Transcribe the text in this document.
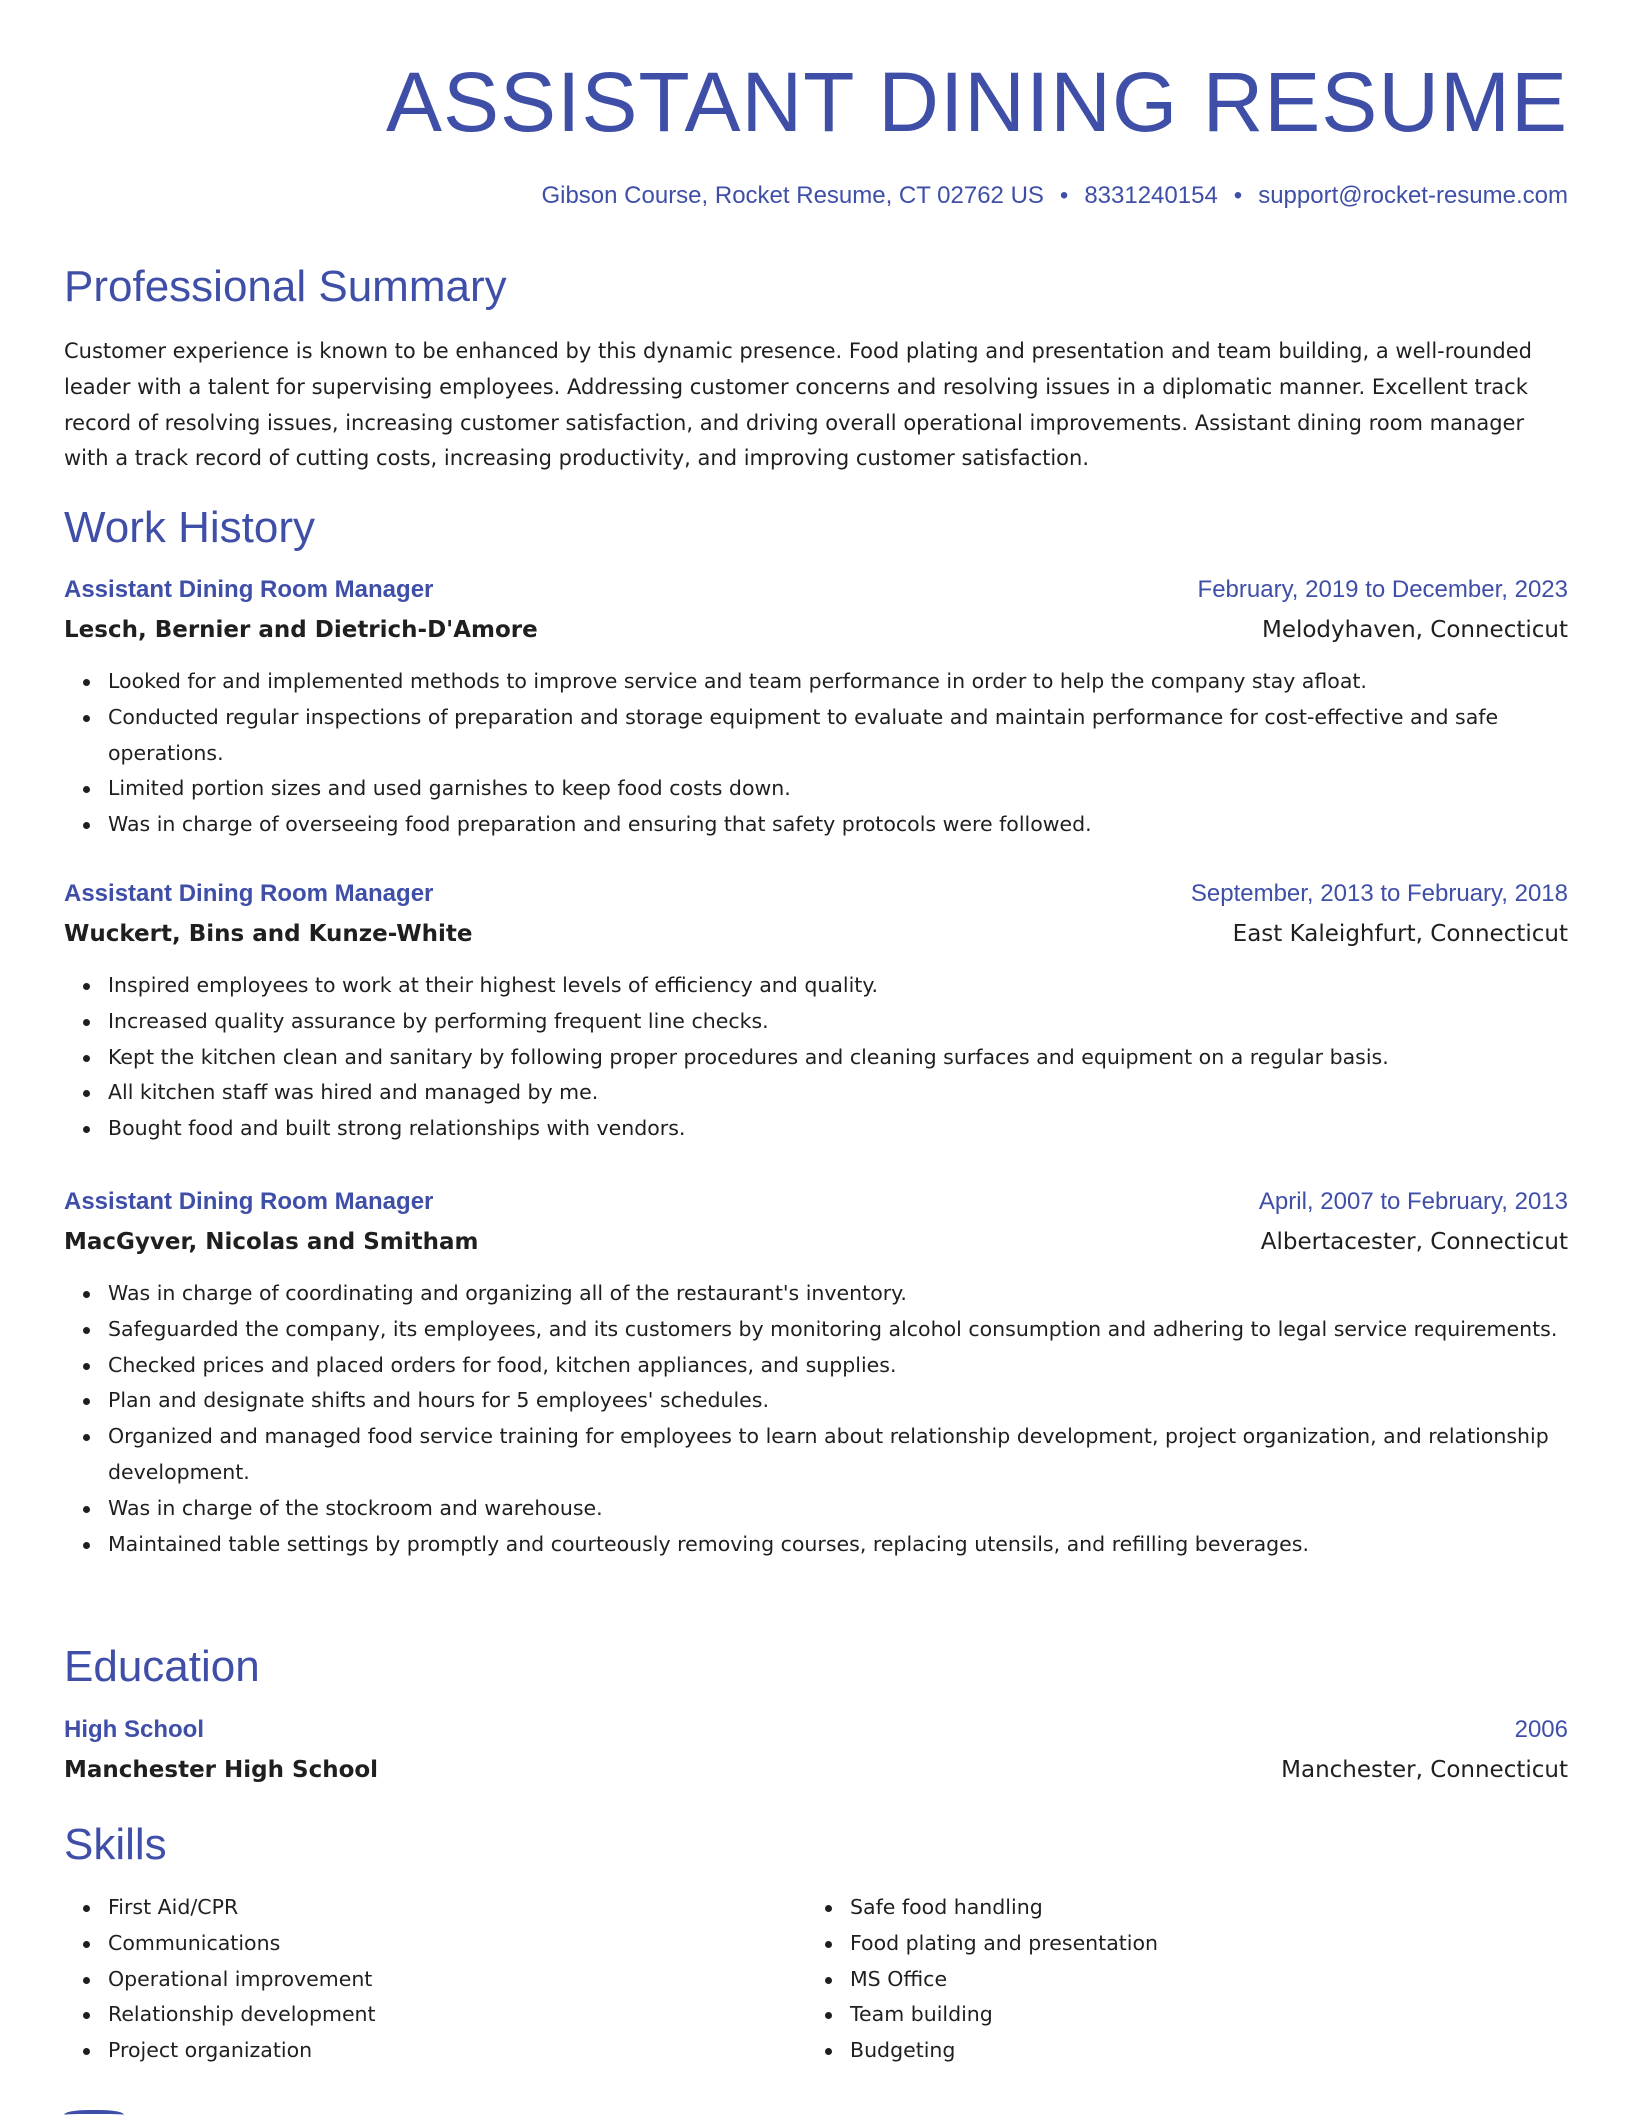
ASSISTANT DINING RESUME
Gibson Course, Rocket Resume, CT 02762 US • 8331240154 • support@rocket-resume.com
Professional Summary

Customer experience is known to be enhanced by this dynamic presence. Food plating and presentation and team building, a well-rounded leader with a talent for supervising employees. Addressing customer concerns and resolving issues in a diplomatic manner. Excellent track record of resolving issues, increasing customer satisfaction, and driving overall operational improvements. Assistant dining room manager with a track record of cutting costs, increasing productivity, and improving customer satisfaction.

Work History
Assistant Dining Room Manager	February, 2019 to December, 2023
Lesch, Bernier and Dietrich-D'Amore	Melodyhaven, Connecticut
Looked for and implemented methods to improve service and team performance in order to help the company stay afloat.
Conducted regular inspections of preparation and storage equipment to evaluate and maintain performance for cost-effective and safe operations.
Limited portion sizes and used garnishes to keep food costs down.
Was in charge of overseeing food preparation and ensuring that safety protocols were followed.
Assistant Dining Room Manager	September, 2013 to February, 2018
Wuckert, Bins and Kunze-White	East Kaleighfurt, Connecticut
Inspired employees to work at their highest levels of efficiency and quality.
Increased quality assurance by performing frequent line checks.
Kept the kitchen clean and sanitary by following proper procedures and cleaning surfaces and equipment on a regular basis.
All kitchen staff was hired and managed by me.
Bought food and built strong relationships with vendors.
Assistant Dining Room Manager	April, 2007 to February, 2013
MacGyver, Nicolas and Smitham	Albertacester, Connecticut
Was in charge of coordinating and organizing all of the restaurant's inventory.
Safeguarded the company, its employees, and its customers by monitoring alcohol consumption and adhering to legal service requirements.
Checked prices and placed orders for food, kitchen appliances, and supplies.
Plan and designate shifts and hours for 5 employees' schedules.
Organized and managed food service training for employees to learn about relationship development, project organization, and relationship development.
Was in charge of the stockroom and warehouse.
Maintained table settings by promptly and courteously removing courses, replacing utensils, and refilling beverages.
Education
High School	2006
Manchester High School	Manchester, Connecticut
Skills
First Aid/CPR
Communications
Operational improvement
Relationship development
Project organization
Safe food handling
Food plating and presentation
MS Office
Team building
Budgeting
